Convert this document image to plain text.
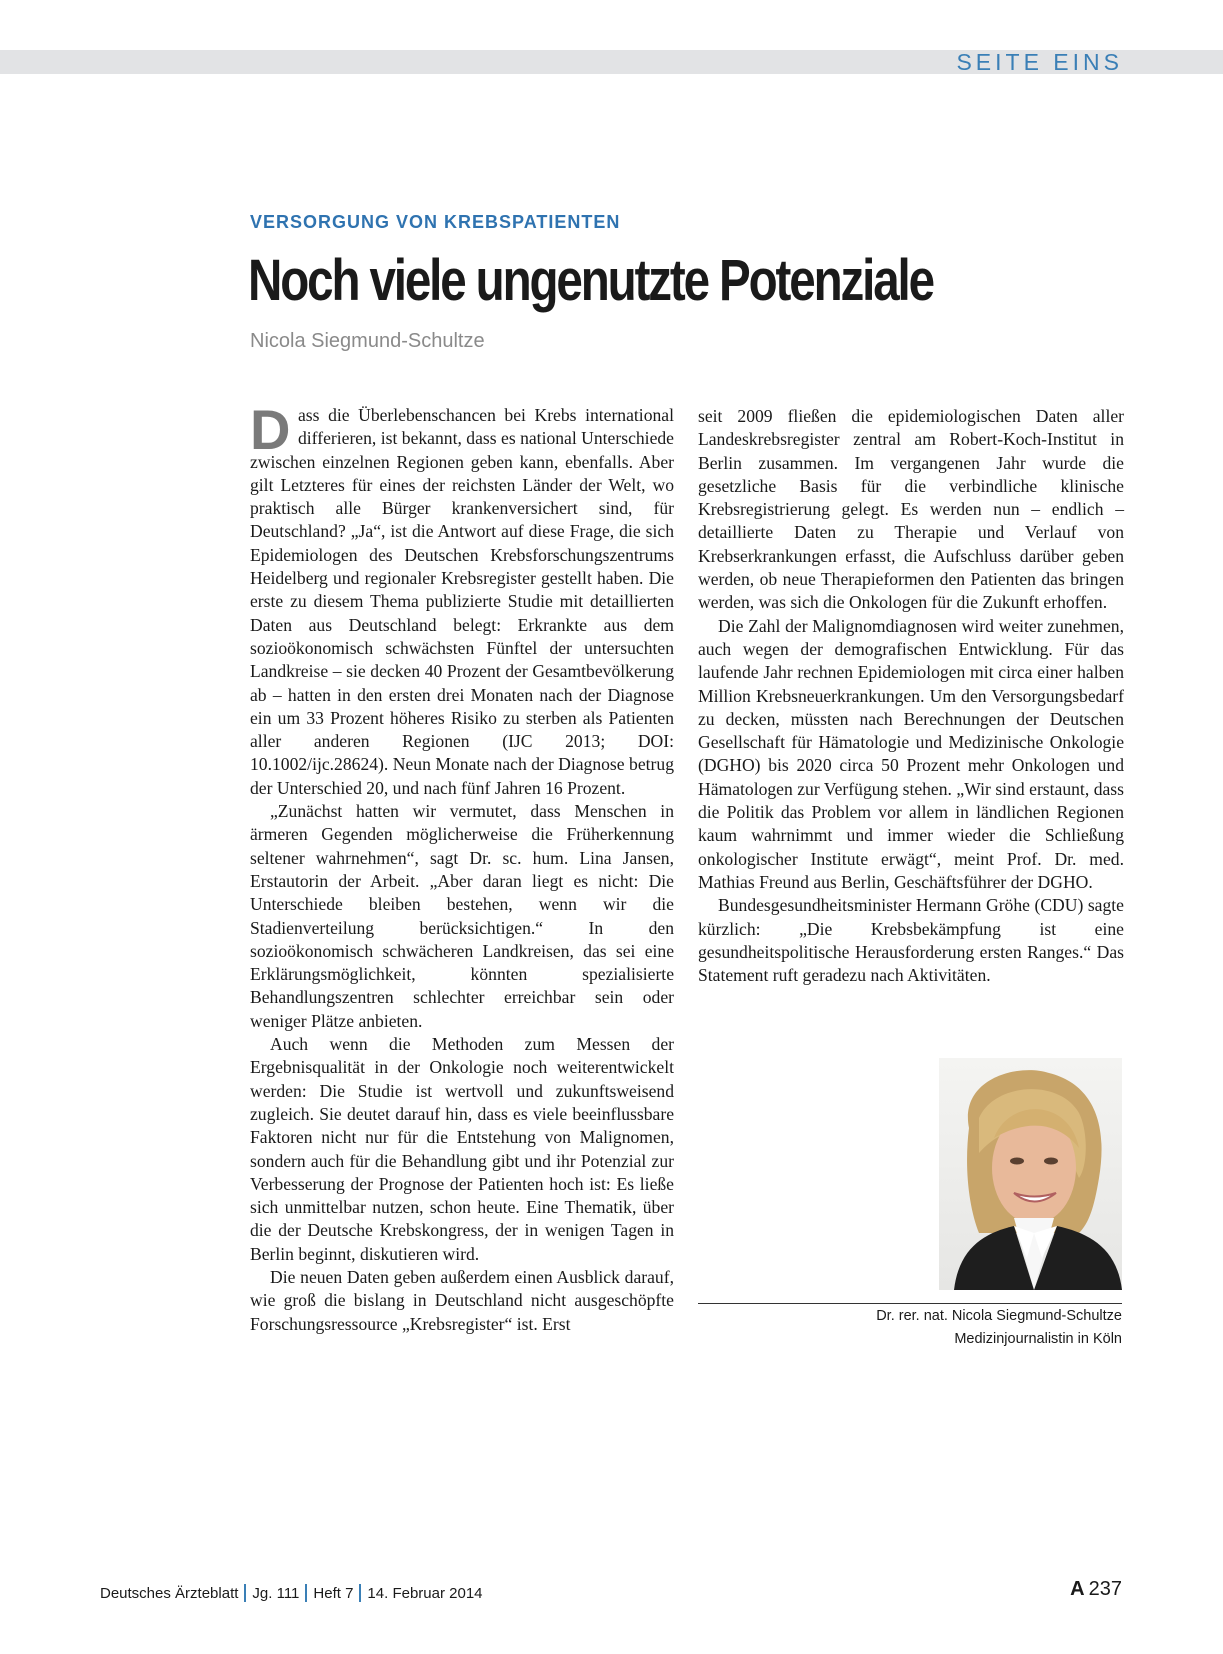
SEITE EINS
VERSORGUNG VON KREBSPATIENTEN
Noch viele ungenutzte Potenziale
Nicola Siegmund-Schultze

Dass die Überlebenschancen bei Krebs international differieren, ist bekannt, dass es national Unterschiede zwischen einzelnen Regionen geben kann, ebenfalls. Aber gilt Letzteres für eines der reichsten Länder der Welt, wo praktisch alle Bürger krankenversichert sind, für Deutschland? „Ja“, ist die Antwort auf diese Frage, die sich Epidemiologen des Deutschen Krebsforschungszentrums Heidelberg und regionaler Krebsregister gestellt haben. Die erste zu diesem Thema publizierte Studie mit detaillierten Daten aus Deutschland belegt: Erkrankte aus dem sozioökonomisch schwächsten Fünftel der untersuchten Landkreise – sie decken 40 Prozent der Gesamtbevölkerung ab – hatten in den ersten drei Monaten nach der Diagnose ein um 33 Prozent höheres Risiko zu sterben als Patienten aller anderen Regionen (IJC 2013; DOI: 10.1002/ijc.28624). Neun Monate nach der Diagnose betrug der Unterschied 20, und nach fünf Jahren 16 Prozent.

„Zunächst hatten wir vermutet, dass Menschen in ärmeren Gegenden möglicherweise die Früherkennung seltener wahrnehmen“, sagt Dr. sc. hum. Lina Jansen, Erstautorin der Arbeit. „Aber daran liegt es nicht: Die Unterschiede bleiben bestehen, wenn wir die Stadienverteilung berücksichtigen.“ In den sozioökonomisch schwächeren Landkreisen, das sei eine Erklärungsmöglichkeit, könnten spezialisierte Behandlungszentren schlechter erreichbar sein oder weniger Plätze anbieten.

Auch wenn die Methoden zum Messen der Ergebnisqualität in der Onkologie noch weiterentwickelt werden: Die Studie ist wertvoll und zukunftsweisend zugleich. Sie deutet darauf hin, dass es viele beeinflussbare Faktoren nicht nur für die Entstehung von Malignomen, sondern auch für die Behandlung gibt und ihr Potenzial zur Verbesserung der Prognose der Patienten hoch ist: Es ließe sich unmittelbar nutzen, schon heute. Eine Thematik, über die der Deutsche Krebskongress, der in wenigen Tagen in Berlin beginnt, diskutieren wird.

Die neuen Daten geben außerdem einen Ausblick darauf, wie groß die bislang in Deutschland nicht ausgeschöpfte Forschungsressource „Krebsregister“ ist. Erst

seit 2009 fließen die epidemiologischen Daten aller Landeskrebsregister zentral am Robert-Koch-Institut in Berlin zusammen. Im vergangenen Jahr wurde die gesetzliche Basis für die verbindliche klinische Krebsregistrierung gelegt. Es werden nun – endlich – detaillierte Daten zu Therapie und Verlauf von Krebserkrankungen erfasst, die Aufschluss darüber geben werden, ob neue Therapieformen den Patienten das bringen werden, was sich die Onkologen für die Zukunft erhoffen.

Die Zahl der Malignomdiagnosen wird weiter zunehmen, auch wegen der demografischen Entwicklung. Für das laufende Jahr rechnen Epidemiologen mit circa einer halben Million Krebsneuerkrankungen. Um den Versorgungsbedarf zu decken, müssten nach Berechnungen der Deutschen Gesellschaft für Hämatologie und Medizinische Onkologie (DGHO) bis 2020 circa 50 Prozent mehr Onkologen und Hämatologen zur Verfügung stehen. „Wir sind erstaunt, dass die Politik das Problem vor allem in ländlichen Regionen kaum wahrnimmt und immer wieder die Schließung onkologischer Institute erwägt“, meint Prof. Dr. med. Mathias Freund aus Berlin, Geschäftsführer der DGHO.

Bundesgesundheitsminister Hermann Gröhe (CDU) sagte kürzlich: „Die Krebsbekämpfung ist eine gesundheitspolitische Herausforderung ersten Ranges.“ Das Statement ruft geradezu nach Aktivitäten.

Dr. rer. nat. Nicola Siegmund-Schultze
Medizinjournalistin in Köln
Deutsches Ärzteblatt Jg. 111 Heft 7 14. Februar 2014	A 237
